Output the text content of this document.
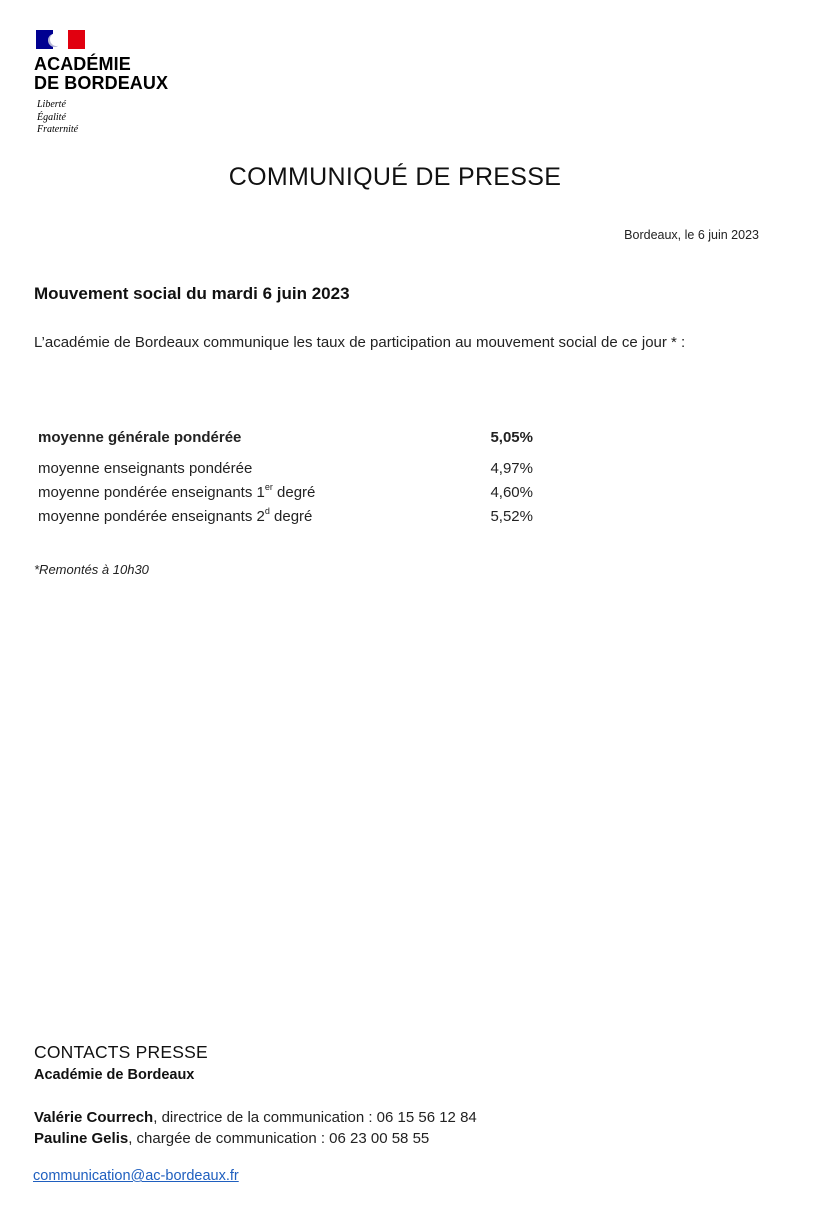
ACADÉMIE
DE BORDEAUX
Liberté
Égalité
Fraternité
COMMUNIQUÉ DE PRESSE
Bordeaux, le 6 juin 2023
Mouvement social du mardi 6 juin 2023
L’académie de Bordeaux communique les taux de participation au mouvement social de ce jour * :
moyenne générale pondérée	5,05%
moyenne enseignants pondérée	4,97%
moyenne pondérée enseignants 1er degré	4,60%
moyenne pondérée enseignants 2$^d$ degré	5,52%
*Remontés à 10h30
CONTACTS PRESSE
Académie de Bordeaux
Valérie Courrech, directrice de la communication : 06 15 56 12 84
Pauline Gelis, chargée de communication : 06 23 00 58 55
communication@ac-bordeaux.fr
